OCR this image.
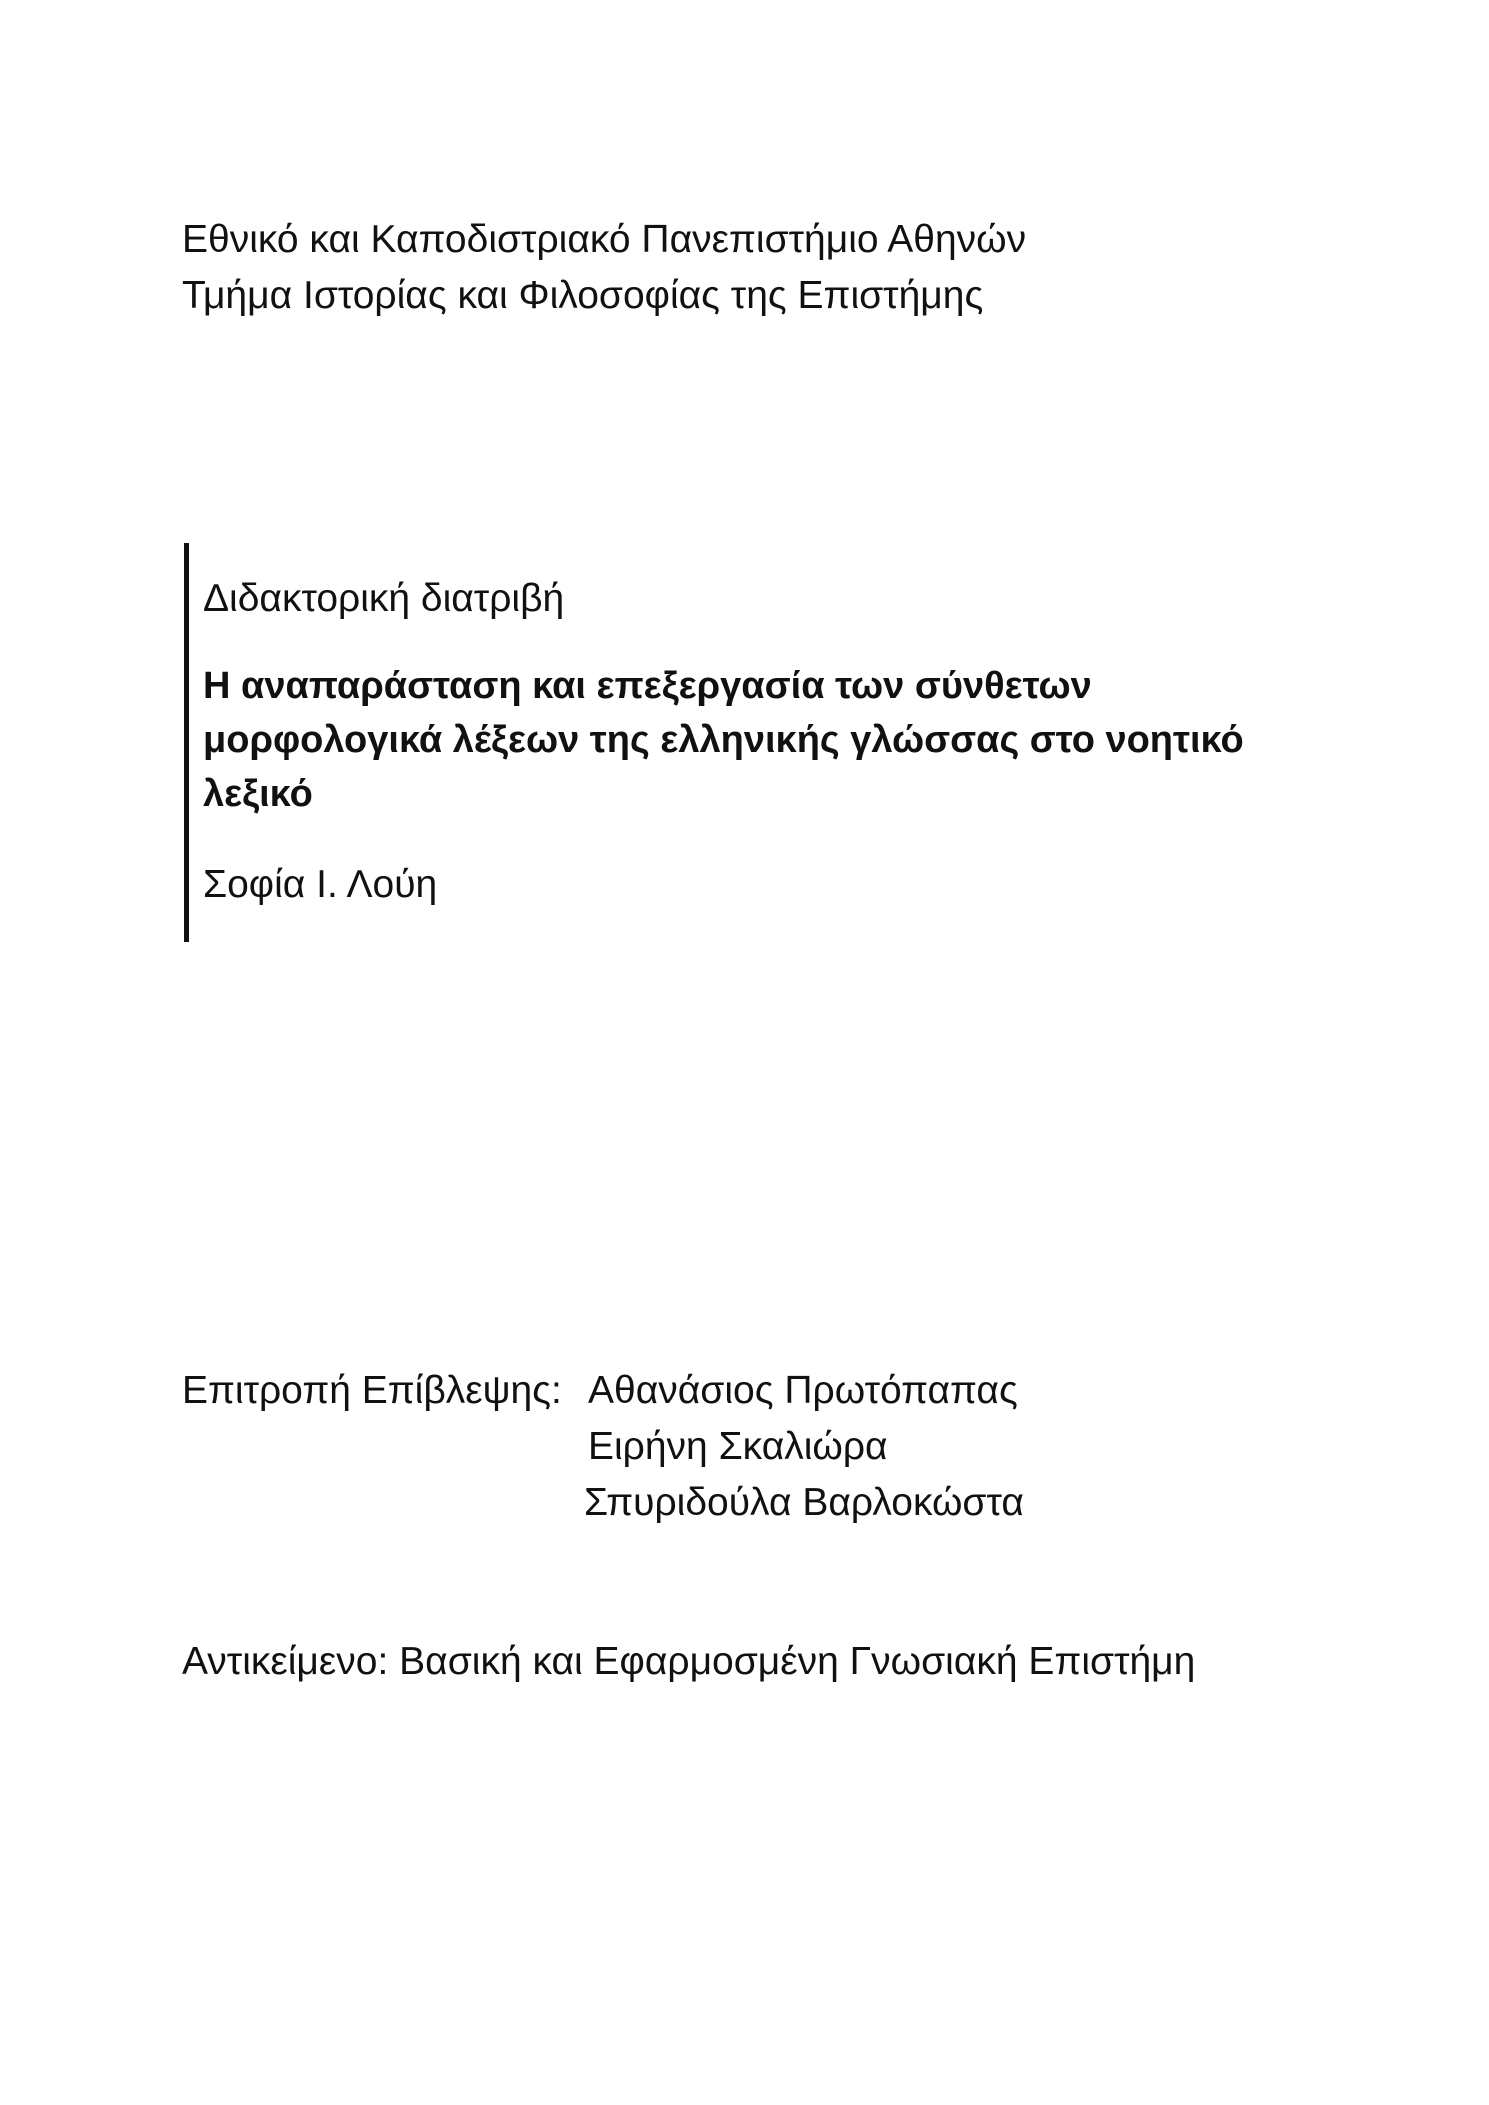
Εθνικό και Καποδιστριακό Πανεπιστήμιο Αθηνών
Τμήμα Ιστορίας και Φιλοσοφίας της Επιστήμης
Διδακτορική διατριβή
Η αναπαράσταση και επεξεργασία των σύνθετων
μορφολογικά λέξεων της ελληνικής γλώσσας στο νοητικό
λεξικό
Σοφία Ι. Λούη
Επιτροπή Επίβλεψης: Αθανάσιος Πρωτόπαπας
Ειρήνη Σκαλιώρα
Σπυριδούλα Βαρλοκώστα
Αντικείμενο: Βασική και Εφαρμοσμένη Γνωσιακή Επιστήμη
